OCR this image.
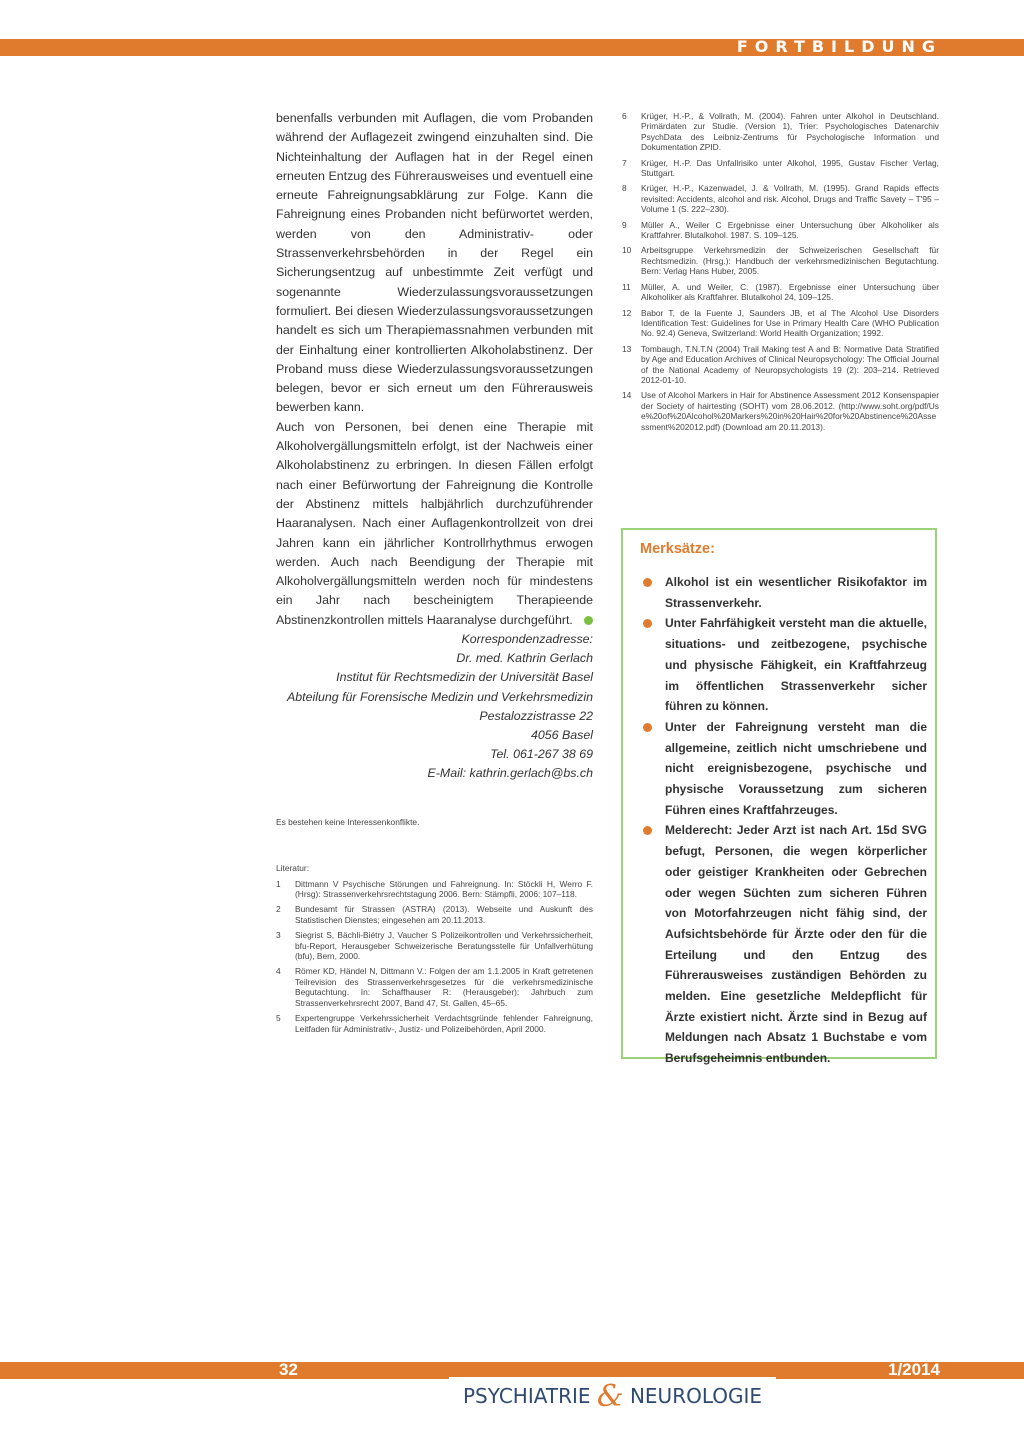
FORTBILDUNG

benenfalls verbunden mit Auflagen, die vom Probanden während der Auflagezeit zwingend einzuhalten sind. Die Nichteinhaltung der Auflagen hat in der Regel einen erneuten Entzug des Führerausweises und eventuell eine erneute Fahreignungsabklärung zur Folge. Kann die Fahreignung eines Probanden nicht befürwortet werden, werden von den Administrativ- oder Strassenverkehrsbehörden in der Regel ein Sicherungsentzug auf unbestimmte Zeit verfügt und sogenannte Wiederzulassungsvoraussetzungen formuliert. Bei diesen Wiederzulassungsvoraussetzungen handelt es sich um Therapiemassnahmen verbunden mit der Einhaltung einer kontrollierten Alkoholabstinenz. Der Proband muss diese Wiederzulassungsvoraussetzungen belegen, bevor er sich erneut um den Führerausweis bewerben kann.

Auch von Personen, bei denen eine Therapie mit Alkoholvergällungsmitteln erfolgt, ist der Nachweis einer Alkoholabstinenz zu erbringen. In diesen Fällen erfolgt nach einer Befürwortung der Fahreignung die Kontrolle der Abstinenz mittels halbjährlich durchzuführender Haaranalysen. Nach einer Auflagenkontrollzeit von drei Jahren kann ein jährlicher Kontrollrhythmus erwogen werden. Auch nach Beendigung der Therapie mit Alkoholvergällungsmitteln werden noch für mindestens ein Jahr nach bescheinigtem Therapieende Abstinenzkontrollen mittels Haaranalyse durchgeführt.

Korrespondenzadresse:
Dr. med. Kathrin Gerlach
Institut für Rechtsmedizin der Universität Basel
Abteilung für Forensische Medizin und Verkehrsmedizin
Pestalozzistrasse 22
4056 Basel
Tel. 061-267 38 69
E-Mail: kathrin.gerlach@bs.ch
Es bestehen keine Interessenkonflikte.
Literatur:
1 Dittmann V Psychische Störungen und Fahreignung. In: Stöckli H, Werro F. (Hrsg): Strassenverkehrsrechtstagung 2006. Bern: Stämpfli, 2006: 107–118.
2 Bundesamt für Strassen (ASTRA) (2013). Webseite und Auskunft des Statistischen Dienstes; eingesehen am 20.11.2013.
3 Siegrist S, Bächli-Biétry J, Vaucher S Polizeikontrollen und Verkehrssicherheit, bfu-Report, Herausgeber Schweizerische Beratungsstelle für Unfallverhütung (bfu), Bern, 2000.
4 Römer KD, Händel N, Dittmann V.: Folgen der am 1.1.2005 in Kraft getretenen Teilrevision des Strassenverkehrsgesetzes für die verkehrsmedizinische Begutachtung. In: Schaffhauser R: (Herausgeber): Jahrbuch zum Strassenverkehrsrecht 2007, Band 47, St. Gallen, 45–65.
5 Expertengruppe Verkehrssicherheit Verdachtsgründe fehlender Fahreignung, Leitfaden für Administrativ-, Justiz- und Polizeibehörden, April 2000.
6 Krüger, H.-P., & Vollrath, M. (2004). Fahren unter Alkohol in Deutschland. Primärdaten zur Studie. (Version 1), Trier: Psychologisches Datenarchiv PsychData des Leibniz-Zentrums für Psychologische Information und Dokumentation ZPID.
7 Krüger, H.-P. Das Unfallrisiko unter Alkohol, 1995, Gustav Fischer Verlag, Stuttgart.
8 Krüger, H.-P., Kazenwadel, J. & Vollrath, M. (1995). Grand Rapids effects revisited: Accidents, alcohol and risk. Alcohol, Drugs and Traffic Savety – T'95 – Volume 1 (S. 222–230).
9 Müller A., Weiler C Ergebnisse einer Untersuchung über Alkoholiker als Kraftfahrer. Blutalkohol. 1987. S. 109–125.
10 Arbeitsgruppe Verkehrsmedizin der Schweizerischen Gesellschaft für Rechtsmedizin. (Hrsg.): Handbuch der verkehrsmedizinischen Begutachtung. Bern: Verlag Hans Huber, 2005.
11 Müller, A. und Weiler, C. (1987). Ergebnisse einer Untersuchung über Alkoholiker als Kraftfahrer. Blutalkohol 24, 109–125.
12 Babor T, de la Fuente J, Saunders JB, et al The Alcohol Use Disorders Identification Test: Guidelines for Use in Primary Health Care (WHO Publication No. 92.4) Geneva, Switzerland: World Health Organization; 1992.
13 Tombaugh, T.N.T.N (2004) Trail Making test A and B: Normative Data Stratified by Age and Education Archives of Clinical Neuropsychology: The Official Journal of the National Academy of Neuropsychologists 19 (2): 203–214. Retrieved 2012-01-10.
14 Use of Alcohol Markers in Hair for Abstinence Assessment 2012 Konsenspapier der Society of hairtesting (SOHT) vom 28.06.2012. (http://www.soht.org/pdf/Use%20of%20Alcohol%20Markers%20in%20Hair%20for%20Abstinence%20Assessment%202012.pdf) (Download am 20.11.2013).
Merksätze:
Alkohol ist ein wesentlicher Risikofaktor im Strassenverkehr.
Unter Fahrfähigkeit versteht man die aktuelle, situations- und zeitbezogene, psychische und physische Fähigkeit, ein Kraftfahrzeug im öffentlichen Strassenverkehr sicher führen zu können.
Unter der Fahreignung versteht man die allgemeine, zeitlich nicht umschriebene und nicht ereignisbezogene, psychische und physische Voraussetzung zum sicheren Führen eines Kraftfahrzeuges.
Melderecht: Jeder Arzt ist nach Art. 15d SVG befugt, Personen, die wegen körperlicher oder geistiger Krankheiten oder Gebrechen oder wegen Süchten zum sicheren Führen von Motorfahrzeugen nicht fähig sind, der Aufsichtsbehörde für Ärzte oder den für die Erteilung und den Entzug des Führerausweises zuständigen Behörden zu melden. Eine gesetzliche Meldepflicht für Ärzte existiert nicht. Ärzte sind in Bezug auf Meldungen nach Absatz 1 Buchstabe e vom Berufsgeheimnis entbunden.
32	1/2014
PSYCHIATRIE & NEUROLOGIE
